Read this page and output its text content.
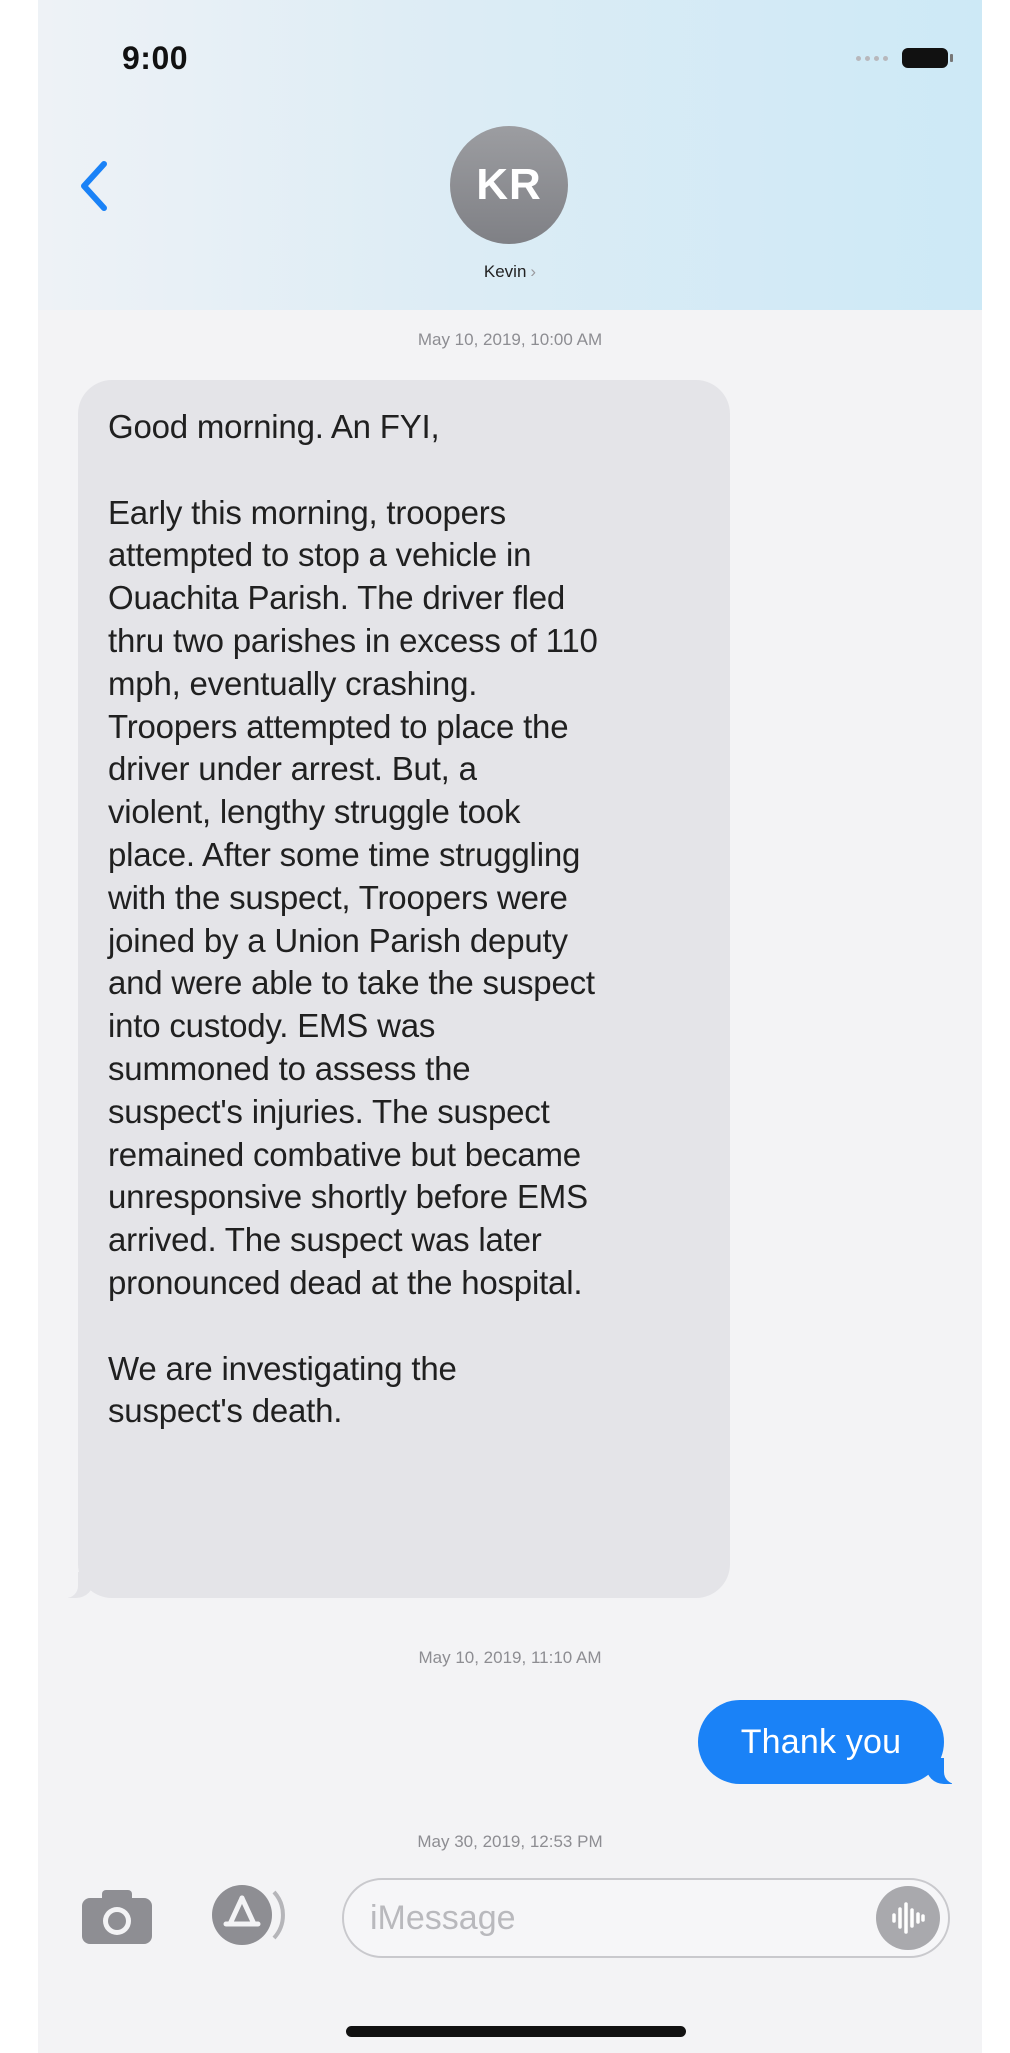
9:00
KR
Kevin ›
May 10, 2019, 10:00 AM
Good morning. An FYI,

Early this morning, troopers
attempted to stop a vehicle in
Ouachita Parish. The driver fled
thru two parishes in excess of 110
mph, eventually crashing.
Troopers attempted to place the
driver under arrest. But, a
violent, lengthy struggle took
place. After some time struggling
with the suspect, Troopers were
joined by a Union Parish deputy
and were able to take the suspect
into custody. EMS was
summoned to assess the
suspect's injuries. The suspect
remained combative but became
unresponsive shortly before EMS
arrived. The suspect was later
pronounced dead at the hospital.

We are investigating the
suspect's death.
May 10, 2019, 11:10 AM
Thank you
May 30, 2019, 12:53 PM
iMessage
